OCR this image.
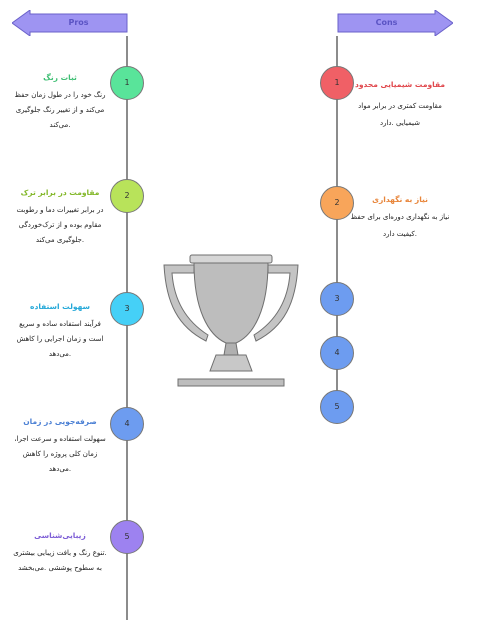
Pros	Cons
1
2
3
4
5
1
2
3
4
5
ثبات رنگ
رنگ خود را در طول زمان حفظ می‌کند و از تغییر رنگ جلوگیری .می‌کند
مقاومت در برابر ترک
در برابر تغییرات دما و رطوبت مقاوم بوده و از ترک‌خوردگی .جلوگیری می‌کند
سهولت استفاده
فرآیند استفاده ساده و سریع است و زمان اجرایی را کاهش .می‌دهد
صرفه‌جویی در زمان
سهولت استفاده و سرعت اجرا، زمان کلی پروژه را کاهش .می‌دهد
زیبایی‌شناسی
.تنوع رنگ و بافت زیبایی بیشتری به سطوح پوششی .می‌بخشد
مقاومت شیمیایی محدود
مقاومت کمتری در برابر مواد شیمیایی .دارد
نیاز به نگهداری
نیاز به نگهداری دوره‌ای برای حفظ .کیفیت دارد
